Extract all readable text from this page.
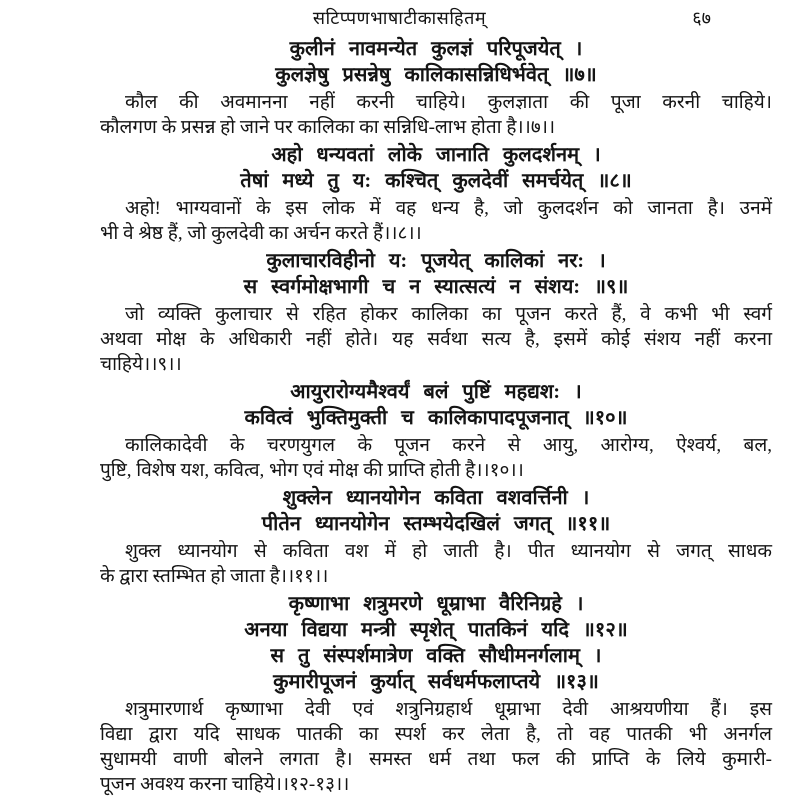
सटिप्पणभाषाटीकासहितम्	६७
कुलीनं नावमन्येत कुलज्ञं परिपूजयेत् ।
कुलज्ञेषु प्रसन्नेषु कालिकासन्निधिर्भवेत् ॥७॥

कौल की अवमानना नहीं करनी चाहिये। कुलज्ञाता की पूजा करनी चाहिये।
कौलगण के प्रसन्न हो जाने पर कालिका का सन्निधि-लाभ होता है।।७।।

अहो धन्यवतां लोके जानाति कुलदर्शनम् ।
तेषां मध्ये तु य: कश्चित् कुलदेवीं समर्चयेत् ॥८॥

अहो! भाग्यवानों के इस लोक में वह धन्य है, जो कुलदर्शन को जानता है। उनमें
भी वे श्रेष्ठ हैं, जो कुलदेवी का अर्चन करते हैं।।८।।

कुलाचारविहीनो य: पूजयेत् कालिकां नर: ।
स स्वर्गमोक्षभागी च न स्यात्सत्यं न संशय: ॥९॥

जो व्यक्ति कुलाचार से रहित होकर कालिका का पूजन करते हैं, वे कभी भी स्वर्ग
अथवा मोक्ष के अधिकारी नहीं होते। यह सर्वथा सत्य है, इसमें कोई संशय नहीं करना
चाहिये।।९।।

आयुरारोग्यमैश्वर्यं बलं पुष्टिं महद्यश: ।
कवित्वं भुक्तिमुक्ती च कालिकापादपूजनात् ॥१०॥

कालिकादेवी के चरणयुगल के पूजन करने से आयु, आरोग्य, ऐश्वर्य, बल,
पुष्टि, विशेष यश, कवित्व, भोग एवं मोक्ष की प्राप्ति होती है।।१०।।

शुक्लेन ध्यानयोगेन कविता वशवर्त्तिनी ।
पीतेन ध्यानयोगेन स्तम्भयेदखिलं जगत् ॥११॥

शुक्ल ध्यानयोग से कविता वश में हो जाती है। पीत ध्यानयोग से जगत् साधक
के द्वारा स्तम्भित हो जाता है।।११।।

कृष्णाभा शत्रुमरणे धूम्राभा वैरिनिग्रहे ।
अनया विद्यया मन्त्री स्पृशेत् पातकिनं यदि ॥१२॥
स तु संस्पर्शमात्रेण वक्ति सौधीमनर्गलाम् ।
कुमारीपूजनं कुर्यात् सर्वधर्मफलाप्तये ॥१३॥

शत्रुमारणार्थ कृष्णाभा देवी एवं शत्रुनिग्रहार्थ धूम्राभा देवी आश्रयणीया हैं। इस
विद्या द्वारा यदि साधक पातकी का स्पर्श कर लेता है, तो वह पातकी भी अनर्गल
सुधामयी वाणी बोलने लगता है। समस्त धर्म तथा फल की प्राप्ति के लिये कुमारी-
पूजन अवश्य करना चाहिये।।१२-१३।।
